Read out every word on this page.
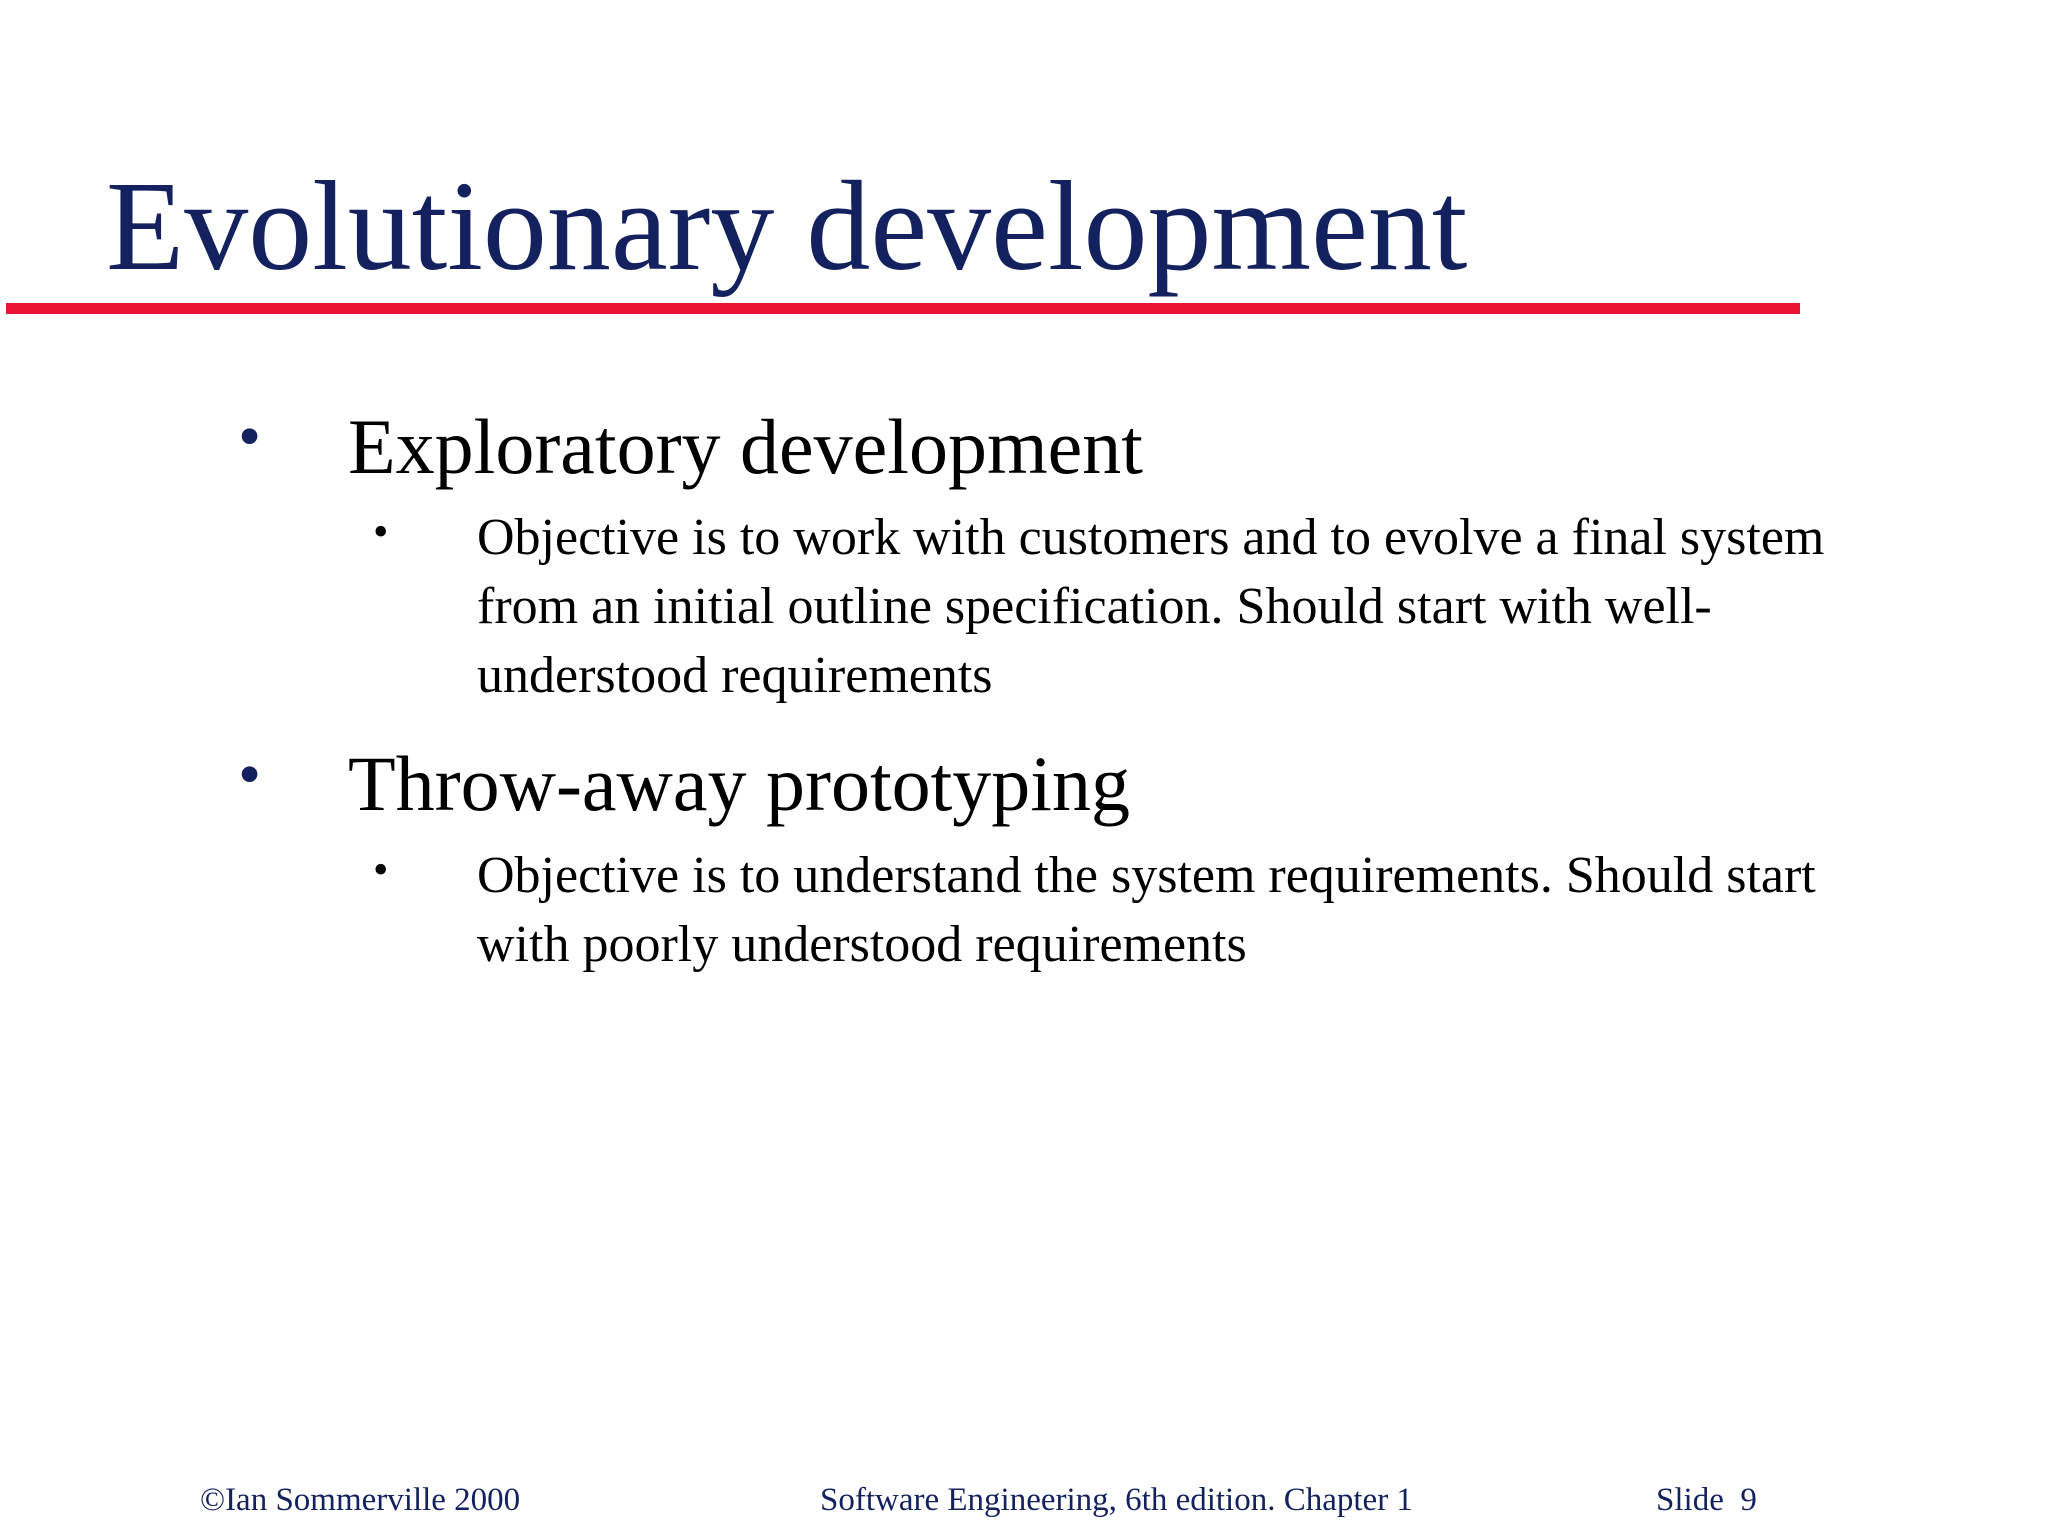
Evolutionary development
• Exploratory development
• Objective is to work with customers and to evolve a final system from an initial outline specification. Should start with well-understood requirements

• Throw-away prototyping
• Objective is to understand the system requirements. Should start with poorly understood requirements

©Ian Sommerville 2000	Software Engineering, 6th edition. Chapter 1	Slide  9
